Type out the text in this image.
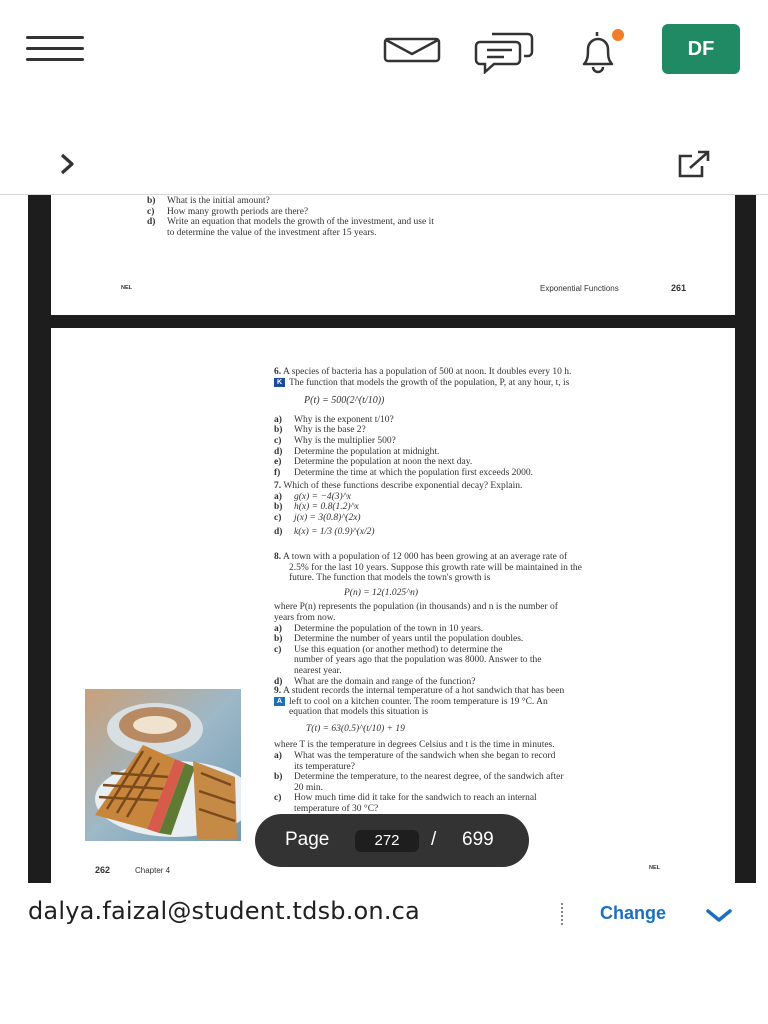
DF
b)	What is the initial amount?
c)	How many growth periods are there?
d)	Write an equation that models the growth of the investment, and use it
to determine the value of the investment after 15 years.
NEL	Exponential Functions	261
6. A species of bacteria has a population of 500 at noon. It doubles every 10 h.
K The function that models the growth of the population, P, at any hour, t, is
P(t) = 500(2^(t/10))
a)	Why is the exponent t/10?
b)	Why is the base 2?
c)	Why is the multiplier 500?
d)	Determine the population at midnight.
e)	Determine the population at noon the next day.
f)	Determine the time at which the population first exceeds 2000.
7. Which of these functions describe exponential decay? Explain.
a)	g(x) = −4(3)^x
b)	h(x) = 0.8(1.2)^x
c)	j(x) = 3(0.8)^(2x)
d)	k(x) = 1/3 (0.9)^(x/2)
8. A town with a population of 12 000 has been growing at an average rate of
2.5% for the last 10 years. Suppose this growth rate will be maintained in the
future. The function that models the town's growth is
P(n) = 12(1.025^n)
where P(n) represents the population (in thousands) and n is the number of
years from now.
a)	Determine the population of the town in 10 years.
b)	Determine the number of years until the population doubles.
c)	Use this equation (or another method) to determine the
number of years ago that the population was 8000. Answer to the
nearest year.
d)	What are the domain and range of the function?
9. A student records the internal temperature of a hot sandwich that has been
A left to cool on a kitchen counter. The room temperature is 19 °C. An
equation that models this situation is
T(t) = 63(0.5)^(t/10) + 19
where T is the temperature in degrees Celsius and t is the time in minutes.
a)	What was the temperature of the sandwich when she began to record
its temperature?
b)	Determine the temperature, to the nearest degree, of the sandwich after
20 min.
c)	How much time did it take for the sandwich to reach an internal
temperature of 30 °C?
262	Chapter 4	NEL
Page	272	/ 699
dalya.faizal@student.tdsb.on.ca	Change
